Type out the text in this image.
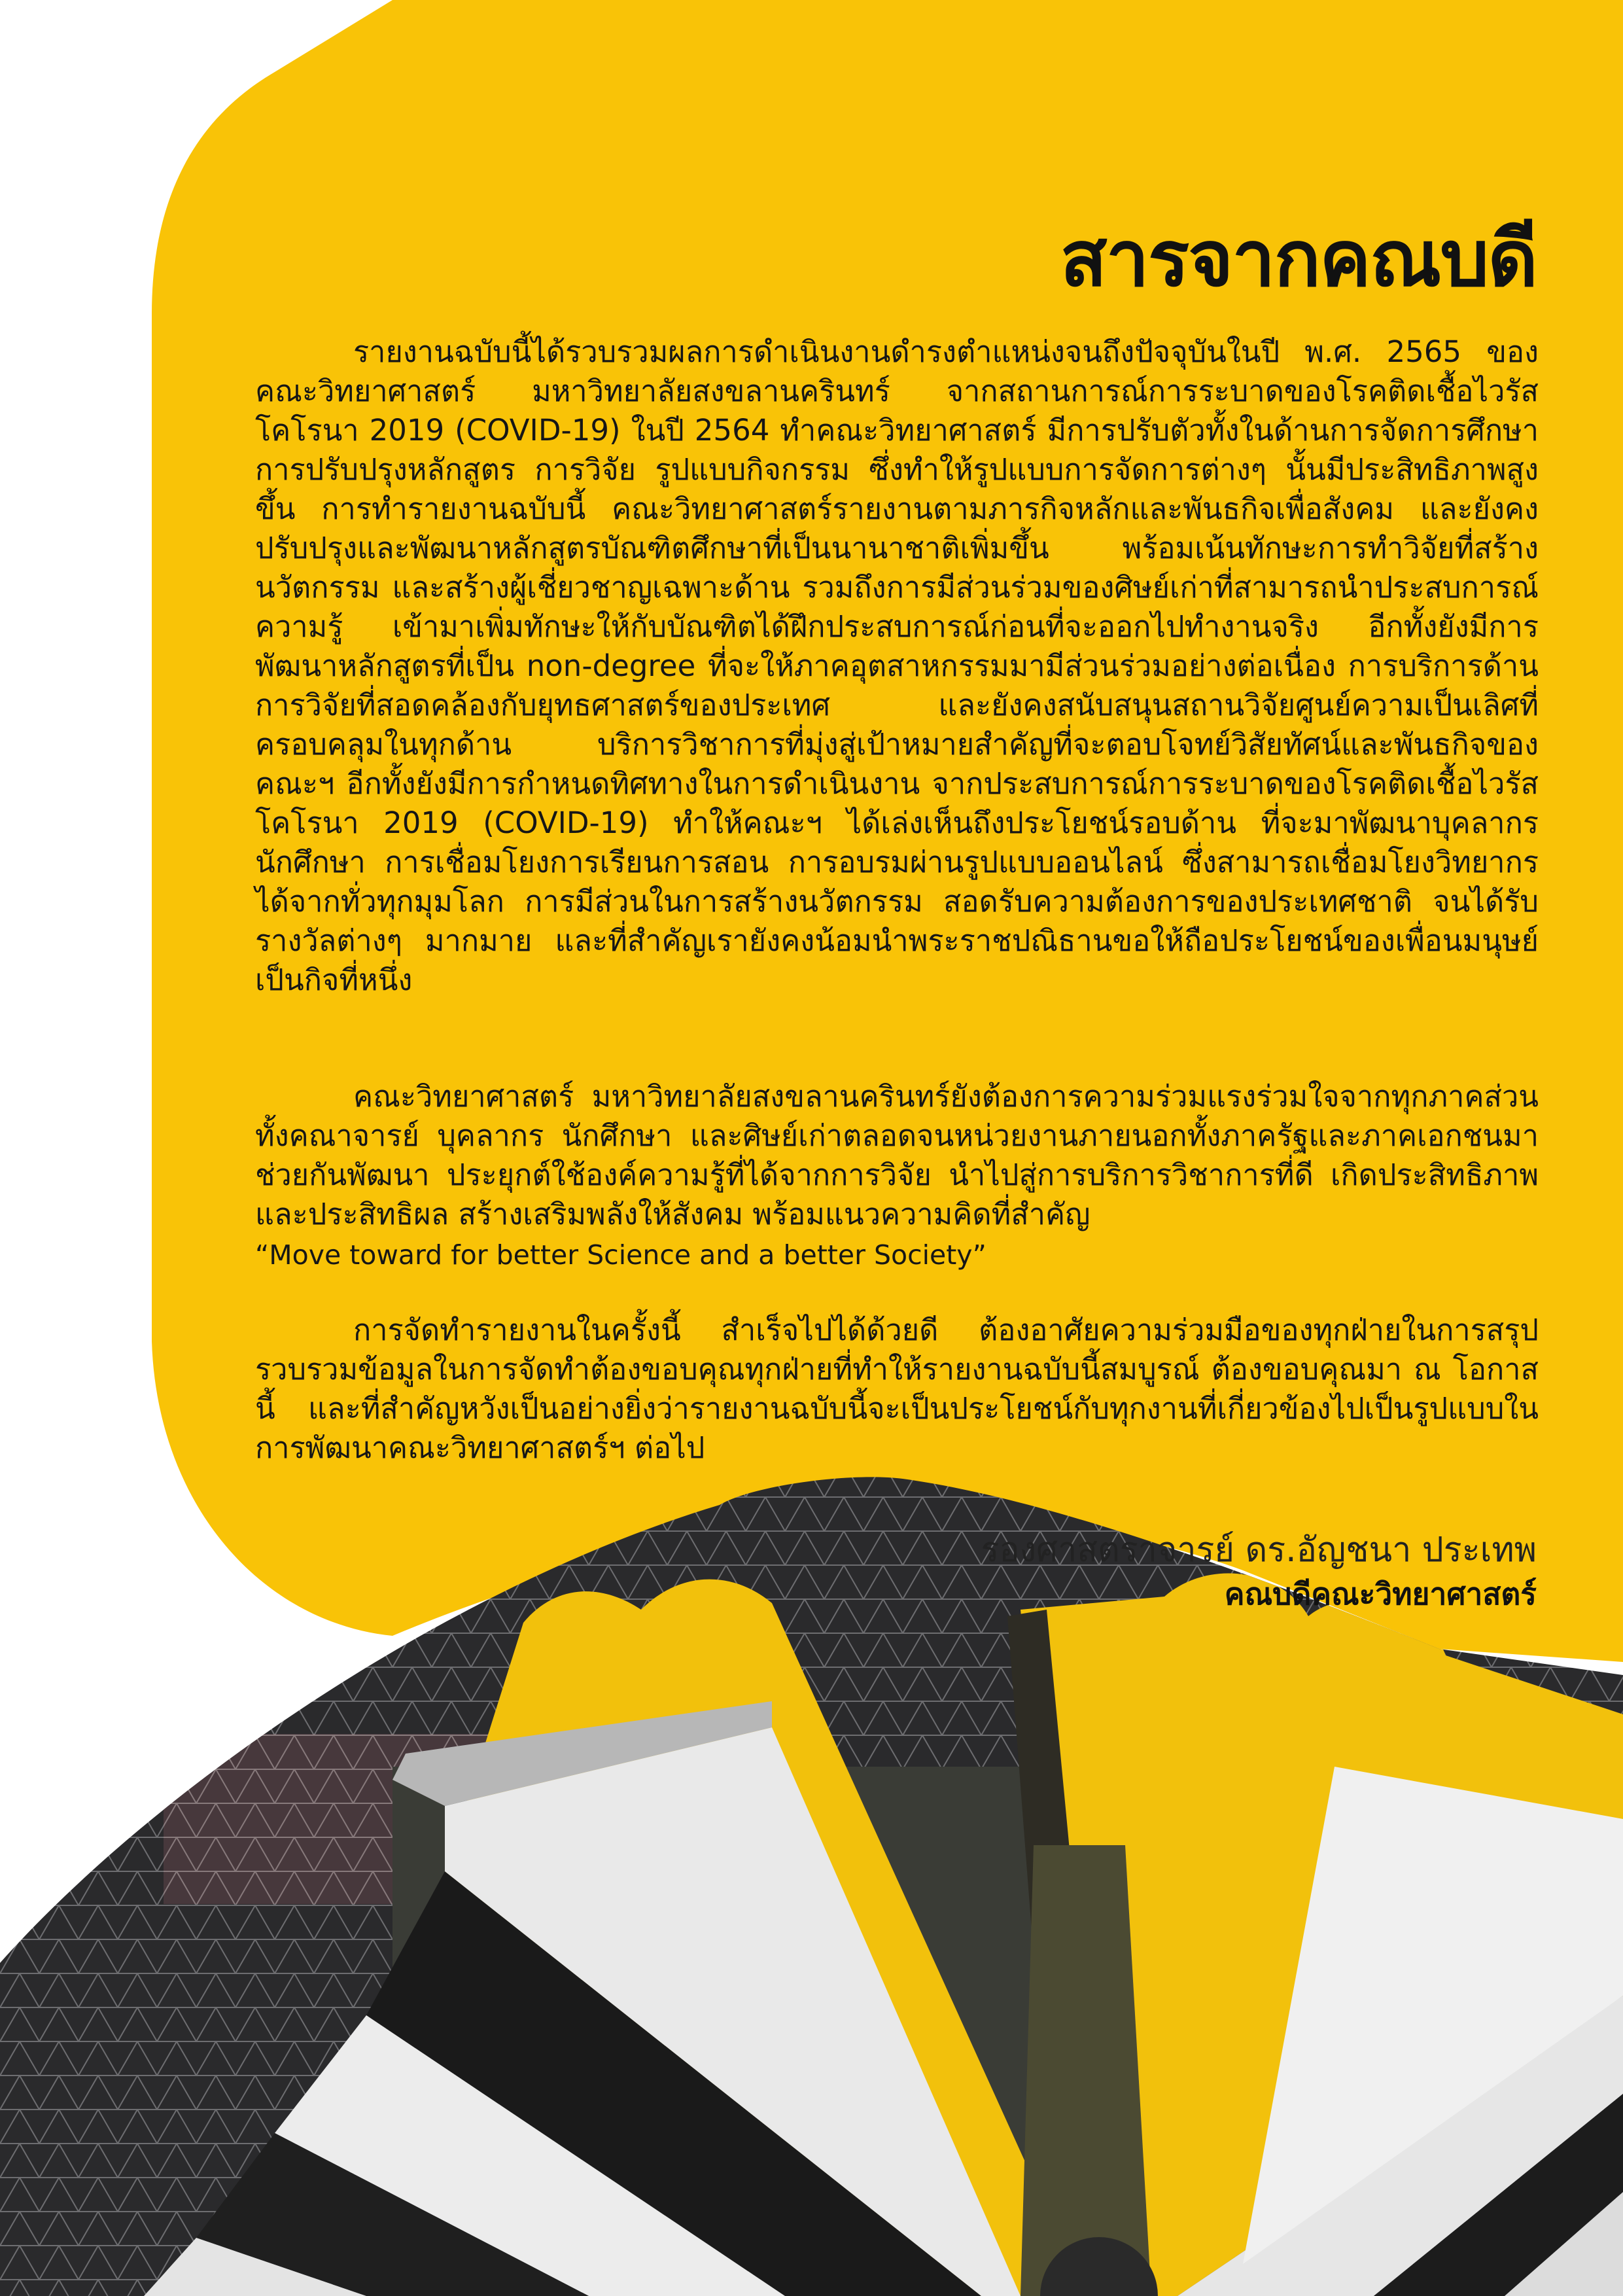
สารจากคณบดี

รายงานฉบับนี้ได้รวบรวมผลการดำเนินงานดำรงตำแหน่งจนถึงปัจจุบันในปี พ.ศ. 2565 ของคณะวิทยาศาสตร์ มหาวิทยาลัยสงขลานครินทร์ จากสถานการณ์การระบาดของโรคติดเชื้อไวรัสโคโรนา 2019 (COVID-19) ในปี 2564 ทำคณะวิทยาศาสตร์ มีการปรับตัวทั้งในด้านการจัดการศึกษา การปรับปรุงหลักสูตร การวิจัย รูปแบบกิจกรรม ซึ่งทำให้รูปแบบการจัดการต่างๆ นั้นมีประสิทธิภาพสูงขึ้น การทำรายงานฉบับนี้ คณะวิทยาศาสตร์รายงานตามภารกิจหลักและพันธกิจเพื่อสังคม และยังคงปรับปรุงและพัฒนาหลักสูตรบัณฑิตศึกษาที่เป็นนานาชาติเพิ่มขึ้น พร้อมเน้นทักษะการทำวิจัยที่สร้างนวัตกรรม และสร้างผู้เชี่ยวชาญเฉพาะด้าน รวมถึงการมีส่วนร่วมของศิษย์เก่าที่สามารถนำประสบการณ์ ความรู้ เข้ามาเพิ่มทักษะให้กับบัณฑิตได้ฝึกประสบการณ์ก่อนที่จะออกไปทำงานจริง อีกทั้งยังมีการพัฒนาหลักสูตรที่เป็น non-degree ที่จะให้ภาคอุตสาหกรรมมามีส่วนร่วมอย่างต่อเนื่อง การบริการด้านการวิจัยที่สอดคล้องกับยุทธศาสตร์ของประเทศ และยังคงสนับสนุนสถานวิจัยศูนย์ความเป็นเลิศที่ครอบคลุมในทุกด้าน บริการวิชาการที่มุ่งสู่เป้าหมายสำคัญที่จะตอบโจทย์วิสัยทัศน์และพันธกิจของคณะฯ อีกทั้งยังมีการกำหนดทิศทางในการดำเนินงาน จากประสบการณ์การระบาดของโรคติดเชื้อไวรัสโคโรนา 2019 (COVID-19) ทำให้คณะฯ ได้เล่งเห็นถึงประโยชน์รอบด้าน ที่จะมาพัฒนาบุคลากร นักศึกษา การเชื่อมโยงการเรียนการสอน การอบรมผ่านรูปแบบออนไลน์ ซึ่งสามารถเชื่อมโยงวิทยากรได้จากทั่วทุกมุมโลก การมีส่วนในการสร้างนวัตกรรม สอดรับความต้องการของประเทศชาติ จนได้รับรางวัลต่างๆ มากมาย และที่สำคัญเรายังคงน้อมนำพระราชปณิธานขอให้ถือประโยชน์ของเพื่อนมนุษย์เป็นกิจที่หนึ่ง

คณะวิทยาศาสตร์ มหาวิทยาลัยสงขลานครินทร์ยังต้องการความร่วมแรงร่วมใจจากทุกภาคส่วน ทั้งคณาจารย์ บุคลากร นักศึกษา และศิษย์เก่าตลอดจนหน่วยงานภายนอกทั้งภาครัฐและภาคเอกชนมาช่วยกันพัฒนา ประยุกต์ใช้องค์ความรู้ที่ได้จากการวิจัย นำไปสู่การบริการวิชาการที่ดี เกิดประสิทธิภาพและประสิทธิผล สร้างเสริมพลังให้สังคม พร้อมแนวความคิดที่สำคัญ

“Move toward for better Science and a better Society”

การจัดทำรายงานในครั้งนี้ สำเร็จไปได้ด้วยดี ต้องอาศัยความร่วมมือของทุกฝ่ายในการสรุปรวบรวมข้อมูลในการจัดทำต้องขอบคุณทุกฝ่ายที่ทำให้รายงานฉบับนี้สมบูรณ์ ต้องขอบคุณมา ณ โอกาสนี้ และที่สำคัญหวังเป็นอย่างยิ่งว่ารายงานฉบับนี้จะเป็นประโยชน์กับทุกงานที่เกี่ยวข้องไปเป็นรูปแบบในการพัฒนาคณะวิทยาศาสตร์ฯ ต่อไป

รองศาสตราจารย์ ดร.อัญชนา ประเทพ
คณบดีคณะวิทยาศาสตร์
